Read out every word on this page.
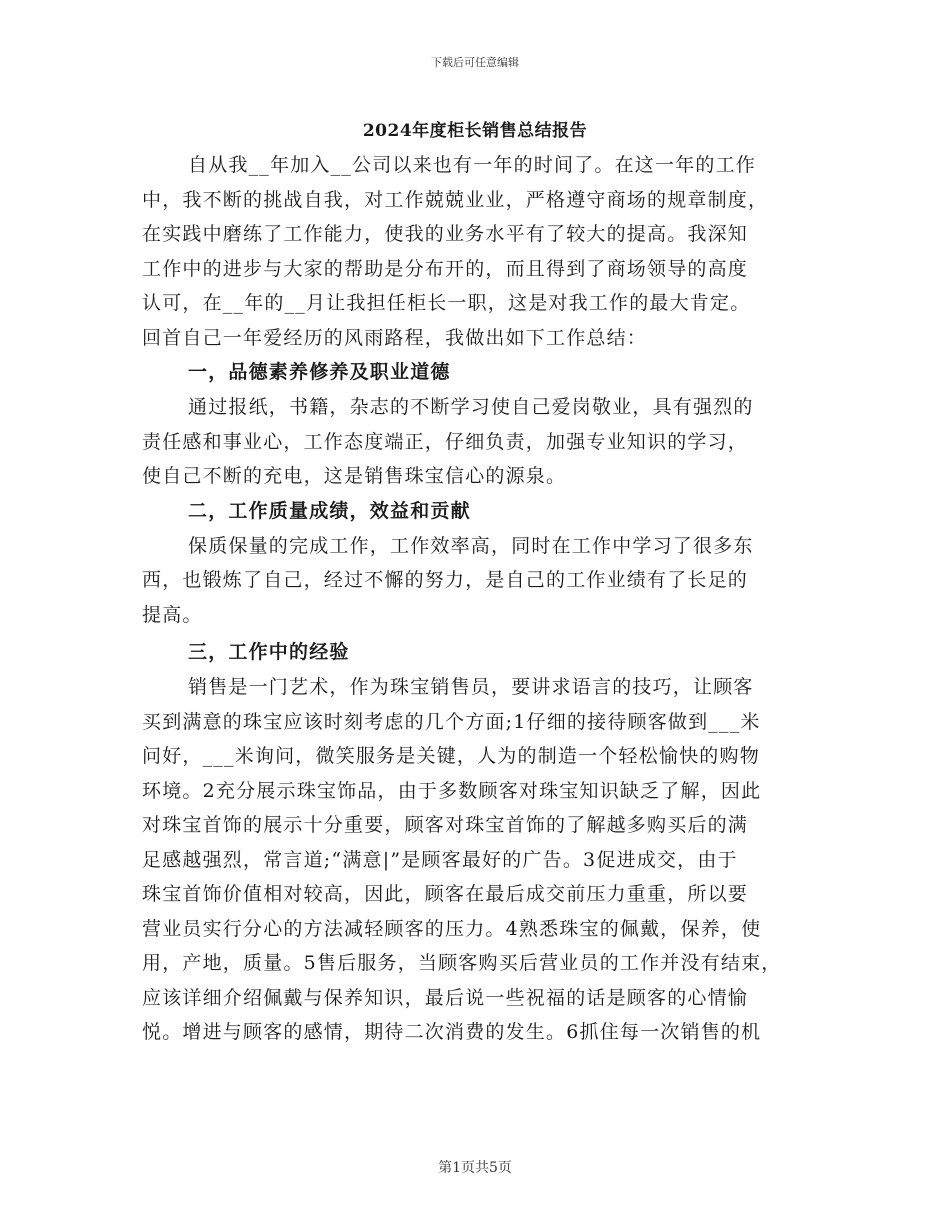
下载后可任意编辑
2024年度柜长销售总结报告
自从我__年加入__公司以来也有一年的时间了。在这一年的工作
中，我不断的挑战自我，对工作兢兢业业，严格遵守商场的规章制度，
在实践中磨练了工作能力，使我的业务水平有了较大的提高。我深知
工作中的进步与大家的帮助是分布开的，而且得到了商场领导的高度
认可，在__年的__月让我担任柜长一职，这是对我工作的最大肯定。
回首自己一年爱经历的风雨路程，我做出如下工作总结：
一，品德素养修养及职业道德
通过报纸，书籍，杂志的不断学习使自己爱岗敬业，具有强烈的
责任感和事业心，工作态度端正，仔细负责，加强专业知识的学习，
使自己不断的充电，这是销售珠宝信心的源泉。
二，工作质量成绩，效益和贡献
保质保量的完成工作，工作效率高，同时在工作中学习了很多东
西，也锻炼了自己，经过不懈的努力，是自己的工作业绩有了长足的
提高。
三，工作中的经验
销售是一门艺术，作为珠宝销售员，要讲求语言的技巧，让顾客
买到满意的珠宝应该时刻考虑的几个方面;1仔细的接待顾客做到___米
问好，___米询问，微笑服务是关键，人为的制造一个轻松愉快的购物
环境。2充分展示珠宝饰品，由于多数顾客对珠宝知识缺乏了解，因此
对珠宝首饰的展示十分重要，顾客对珠宝首饰的了解越多购买后的满
足感越强烈，常言道;“满意|”是顾客最好的广告。3促进成交，由于
珠宝首饰价值相对较高，因此，顾客在最后成交前压力重重，所以要
营业员实行分心的方法减轻顾客的压力。4熟悉珠宝的佩戴，保养，使
用，产地，质量。5售后服务，当顾客购买后营业员的工作并没有结束，
应该详细介绍佩戴与保养知识，最后说一些祝福的话是顾客的心情愉
悦。增进与顾客的感情，期待二次消费的发生。6抓住每一次销售的机
第1页共5页
